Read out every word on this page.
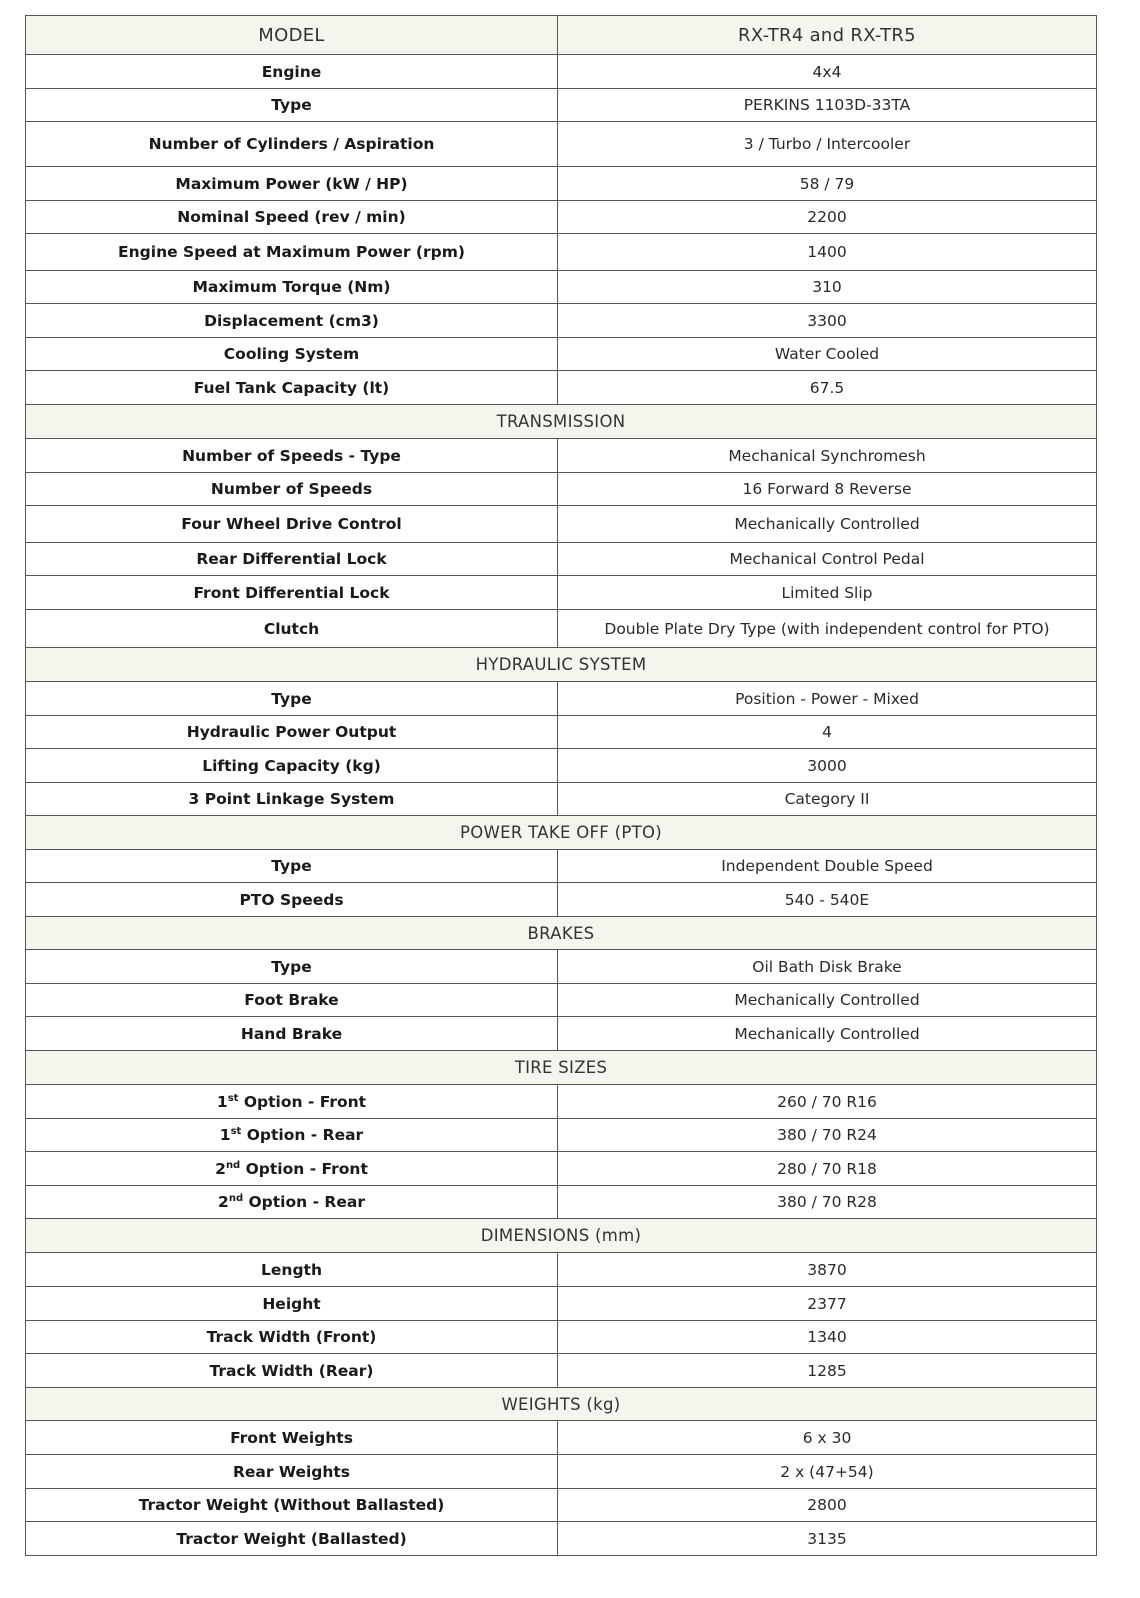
MODEL	RX-TR4 and RX-TR5
Engine	4x4
Type	PERKINS 1103D-33TA
Number of Cylinders / Aspiration	3 / Turbo / Intercooler
Maximum Power (kW / HP)	58 / 79
Nominal Speed (rev / min)	2200
Engine Speed at Maximum Power (rpm)	1400
Maximum Torque (Nm)	310
Displacement (cm3)	3300
Cooling System	Water Cooled
Fuel Tank Capacity (lt)	67.5
TRANSMISSION	
Number of Speeds - Type	Mechanical Synchromesh
Number of Speeds	16 Forward 8 Reverse
Four Wheel Drive Control	Mechanically Controlled
Rear Differential Lock	Mechanical Control Pedal
Front Differential Lock	Limited Slip
Clutch	Double Plate Dry Type (with independent control for PTO)
HYDRAULIC SYSTEM	
Type	Position - Power - Mixed
Hydraulic Power Output	4
Lifting Capacity (kg)	3000
3 Point Linkage System	Category II
POWER TAKE OFF (PTO)	
Type	Independent Double Speed
PTO Speeds	540 - 540E
BRAKES	
Type	Oil Bath Disk Brake
Foot Brake	Mechanically Controlled
Hand Brake	Mechanically Controlled
TIRE SIZES	
1st Option - Front	260 / 70 R16
1st Option - Rear	380 / 70 R24
2nd Option - Front	280 / 70 R18
2nd Option - Rear	380 / 70 R28
DIMENSIONS (mm)	
Length	3870
Height	2377
Track Width (Front)	1340
Track Width (Rear)	1285
WEIGHTS (kg)	
Front Weights	6 x 30
Rear Weights	2 x (47+54)
Tractor Weight (Without Ballasted)	2800
Tractor Weight (Ballasted)	3135
